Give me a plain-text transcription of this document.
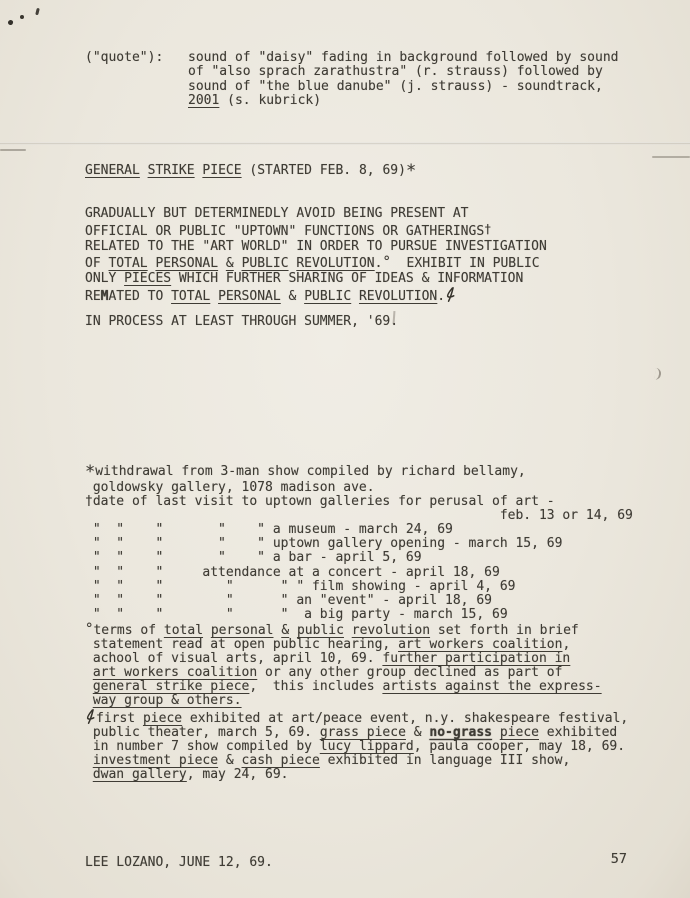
("quote"):	sound of "daisy" fading in background followed by sound
of "also sprach zarathustra" (r. strauss) followed by
sound of "the blue danube" (j. strauss) - soundtrack,
2001 (s. kubrick)
GENERAL STRIKE PIECE (STARTED FEB. 8, 69)*
GRADUALLY BUT DETERMINEDLY AVOID BEING PRESENT AT
OFFICIAL OR PUBLIC "UPTOWN" FUNCTIONS OR GATHERINGS†
RELATED TO THE "ART WORLD" IN ORDER TO PURSUE INVESTIGATION
OF TOTAL PERSONAL & PUBLIC REVOLUTION.°  EXHIBIT IN PUBLIC
ONLY PIECES WHICH FURTHER SHARING OF IDEAS & INFORMATION
REMATED TO TOTAL PERSONAL & PUBLIC REVOLUTION.
IN PROCESS AT LEAST THROUGH SUMMER, '69.
*withdrawal from 3-man show compiled by richard bellamy,
goldowsky gallery, 1078 madison ave.
†date of last visit to uptown galleries for perusal of art -
feb. 13 or 14, 69
"  "    "       "    " a museum - march 24, 69
"  "    "       "    " uptown gallery opening - march 15, 69
"  "    "       "    " a bar - april 5, 69
"  "    "     attendance at a concert - april 18, 69
"  "    "        "      " " film showing - april 4, 69
"  "    "        "      " an "event" - april 18, 69
"  "    "        "      "  a big party - march 15, 69
°terms of total personal & public revolution set forth in brief
statement read at open public hearing, art workers coalition,
achool of visual arts, april 10, 69. further participation in
art workers coalition or any other group declined as part of
general strike piece,  this includes artists against the express-
way group & others.
first piece exhibited at art/peace event, n.y. shakespeare festival,
public theater, march 5, 69. grass piece & no-grass piece exhibited
in number 7 show compiled by lucy lippard, paula cooper, may 18, 69.
investment piece & cash piece exhibited in language III show,
dwan gallery, may 24, 69.
LEE LOZANO, JUNE 12, 69.	57
